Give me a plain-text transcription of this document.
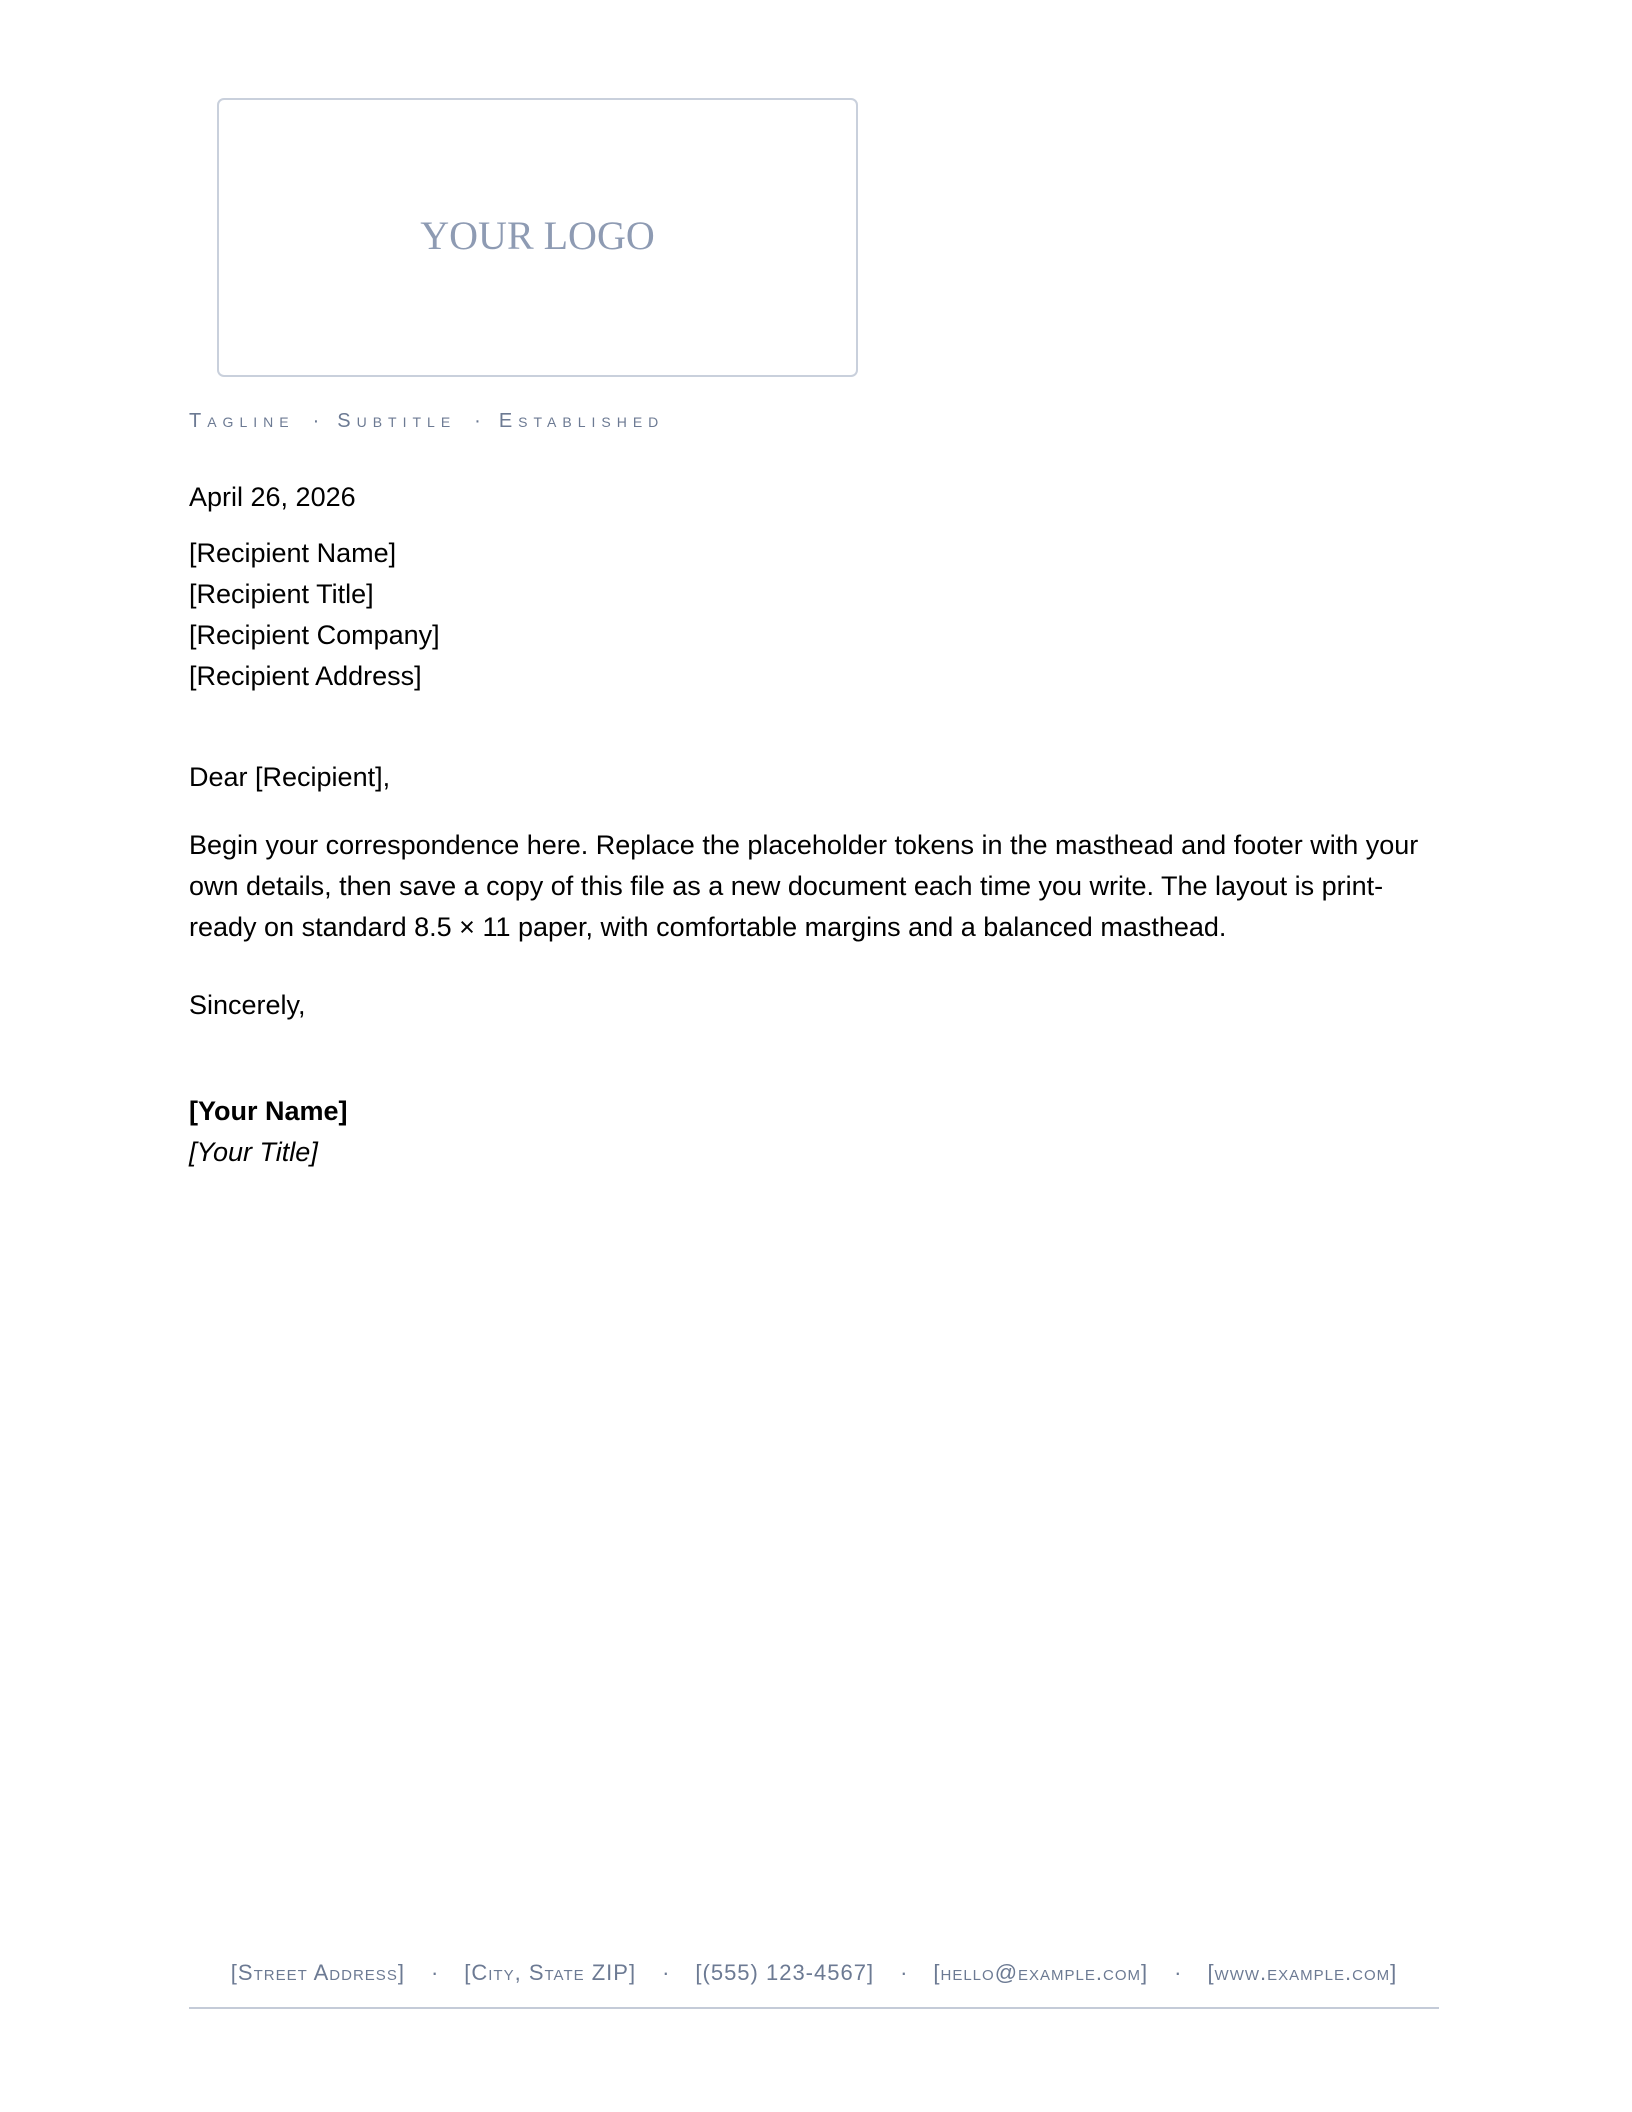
YOUR LOGO
Tagline · Subtitle · Established
April 26, 2026
[Recipient Name]
[Recipient Title]
[Recipient Company]
[Recipient Address]
Dear [Recipient],
Begin your correspondence here. Replace the placeholder tokens in the masthead and footer with your own details, then save a copy of this file as a new document each time you write. The layout is print-ready on standard 8.5 × 11 paper, with comfortable margins and a balanced masthead.
Sincerely,
[Your Name]
[Your Title]
[Street Address] · [City, State ZIP] · [(555) 123-4567] · [hello@example.com] · [www.example.com]
